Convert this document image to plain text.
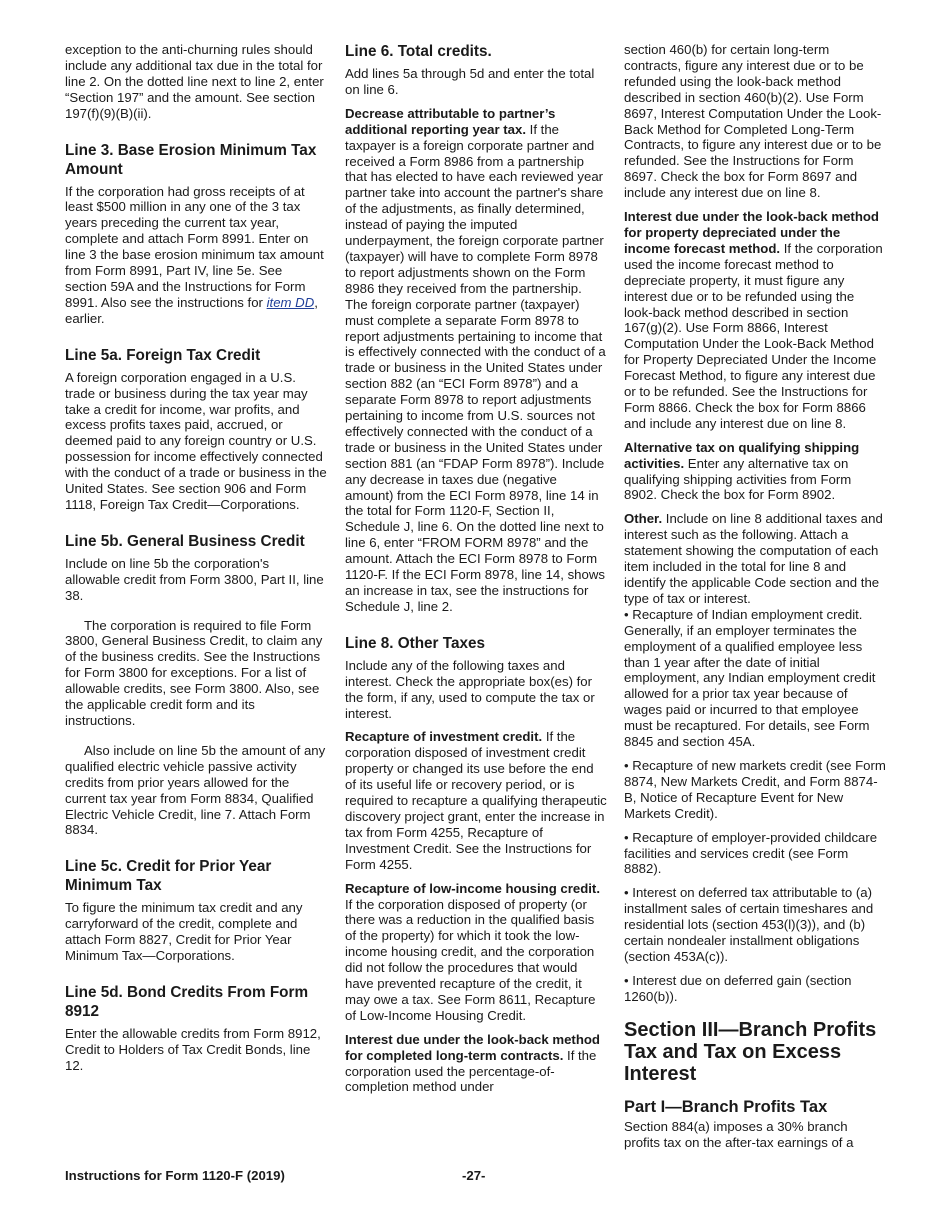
exception to the anti-churning rules should include any additional tax due in the total for line 2. On the dotted line next to line 2, enter “Section 197” and the amount. See section 197(f)(9)(B)(ii).

Line 3. Base Erosion Minimum Tax Amount

If the corporation had gross receipts of at least $500 million in any one of the 3 tax years preceding the current tax year, complete and attach Form 8991. Enter on line 3 the base erosion minimum tax amount from Form 8991, Part IV, line 5e. See section 59A and the Instructions for Form 8991. Also see the instructions for item DD, earlier.

Line 5a. Foreign Tax Credit

A foreign corporation engaged in a U.S. trade or business during the tax year may take a credit for income, war profits, and excess profits taxes paid, accrued, or deemed paid to any foreign country or U.S. possession for income effectively connected with the conduct of a trade or business in the United States. See section 906 and Form 1118, Foreign Tax Credit—Corporations.

Line 5b. General Business Credit

Include on line 5b the corporation's allowable credit from Form 3800, Part II, line 38.

The corporation is required to file Form 3800, General Business Credit, to claim any of the business credits. See the Instructions for Form 3800 for exceptions. For a list of allowable credits, see Form 3800. Also, see the applicable credit form and its instructions.

Also include on line 5b the amount of any qualified electric vehicle passive activity credits from prior years allowed for the current tax year from Form 8834, Qualified Electric Vehicle Credit, line 7. Attach Form 8834.

Line 5c. Credit for Prior Year Minimum Tax

To figure the minimum tax credit and any carryforward of the credit, complete and attach Form 8827, Credit for Prior Year Minimum Tax—Corporations.

Line 5d. Bond Credits From Form 8912

Enter the allowable credits from Form 8912, Credit to Holders of Tax Credit Bonds, line 12.

Line 6. Total credits.

Add lines 5a through 5d and enter the total on line 6.

Decrease attributable to partner’s additional reporting year tax. If the taxpayer is a foreign corporate partner and received a Form 8986 from a partnership that has elected to have each reviewed year partner take into account the partner's share of the adjustments, as finally determined, instead of paying the imputed underpayment, the foreign corporate partner (taxpayer) will have to complete Form 8978 to report adjustments shown on the Form 8986 they received from the partnership. The foreign corporate partner (taxpayer) must complete a separate Form 8978 to report adjustments pertaining to income that is effectively connected with the conduct of a trade or business in the United States under section 882 (an “ECI Form 8978”) and a separate Form 8978 to report adjustments pertaining to income from U.S. sources not effectively connected with the conduct of a trade or business in the United States under section 881 (an “FDAP Form 8978”). Include any decrease in taxes due (negative amount) from the ECI Form 8978, line 14 in the total for Form 1120-F, Section II, Schedule J, line 6. On the dotted line next to line 6, enter “FROM FORM 8978” and the amount. Attach the ECI Form 8978 to Form 1120-F. If the ECI Form 8978, line 14, shows an increase in tax, see the instructions for Schedule J, line 2.

Line 8. Other Taxes

Include any of the following taxes and interest. Check the appropriate box(es) for the form, if any, used to compute the tax or interest.

Recapture of investment credit. If the corporation disposed of investment credit property or changed its use before the end of its useful life or recovery period, or is required to recapture a qualifying therapeutic discovery project grant, enter the increase in tax from Form 4255, Recapture of Investment Credit. See the Instructions for Form 4255.

Recapture of low-income housing credit. If the corporation disposed of property (or there was a reduction in the qualified basis of the property) for which it took the low-income housing credit, and the corporation did not follow the procedures that would have prevented recapture of the credit, it may owe a tax. See Form 8611, Recapture of Low-Income Housing Credit.

Interest due under the look-back method for completed long-term contracts. If the corporation used the percentage-of-completion method under

section 460(b) for certain long-term contracts, figure any interest due or to be refunded using the look-back method described in section 460(b)(2). Use Form 8697, Interest Computation Under the Look-Back Method for Completed Long-Term Contracts, to figure any interest due or to be refunded. See the Instructions for Form 8697. Check the box for Form 8697 and include any interest due on line 8.

Interest due under the look-back method for property depreciated under the income forecast method. If the corporation used the income forecast method to depreciate property, it must figure any interest due or to be refunded using the look-back method described in section 167(g)(2). Use Form 8866, Interest Computation Under the Look-Back Method for Property Depreciated Under the Income Forecast Method, to figure any interest due or to be refunded. See the Instructions for Form 8866. Check the box for Form 8866 and include any interest due on line 8.

Alternative tax on qualifying shipping activities. Enter any alternative tax on qualifying shipping activities from Form 8902. Check the box for Form 8902.

Other. Include on line 8 additional taxes and interest such as the following. Attach a statement showing the computation of each item included in the total for line 8 and identify the applicable Code section and the type of tax or interest.

• Recapture of Indian employment credit. Generally, if an employer terminates the employment of a qualified employee less than 1 year after the date of initial employment, any Indian employment credit allowed for a prior tax year because of wages paid or incurred to that employee must be recaptured. For details, see Form 8845 and section 45A.

• Recapture of new markets credit (see Form 8874, New Markets Credit, and Form 8874-B, Notice of Recapture Event for New Markets Credit).

• Recapture of employer-provided childcare facilities and services credit (see Form 8882).

• Interest on deferred tax attributable to (a) installment sales of certain timeshares and residential lots (section 453(l)(3)), and (b) certain nondealer installment obligations (section 453A(c)).

• Interest due on deferred gain (section 1260(b)).

Section III—Branch Profits Tax and Tax on Excess Interest
Part I—Branch Profits Tax

Section 884(a) imposes a 30% branch profits tax on the after-tax earnings of a

Instructions for Form 1120-F (2019)	-27-
